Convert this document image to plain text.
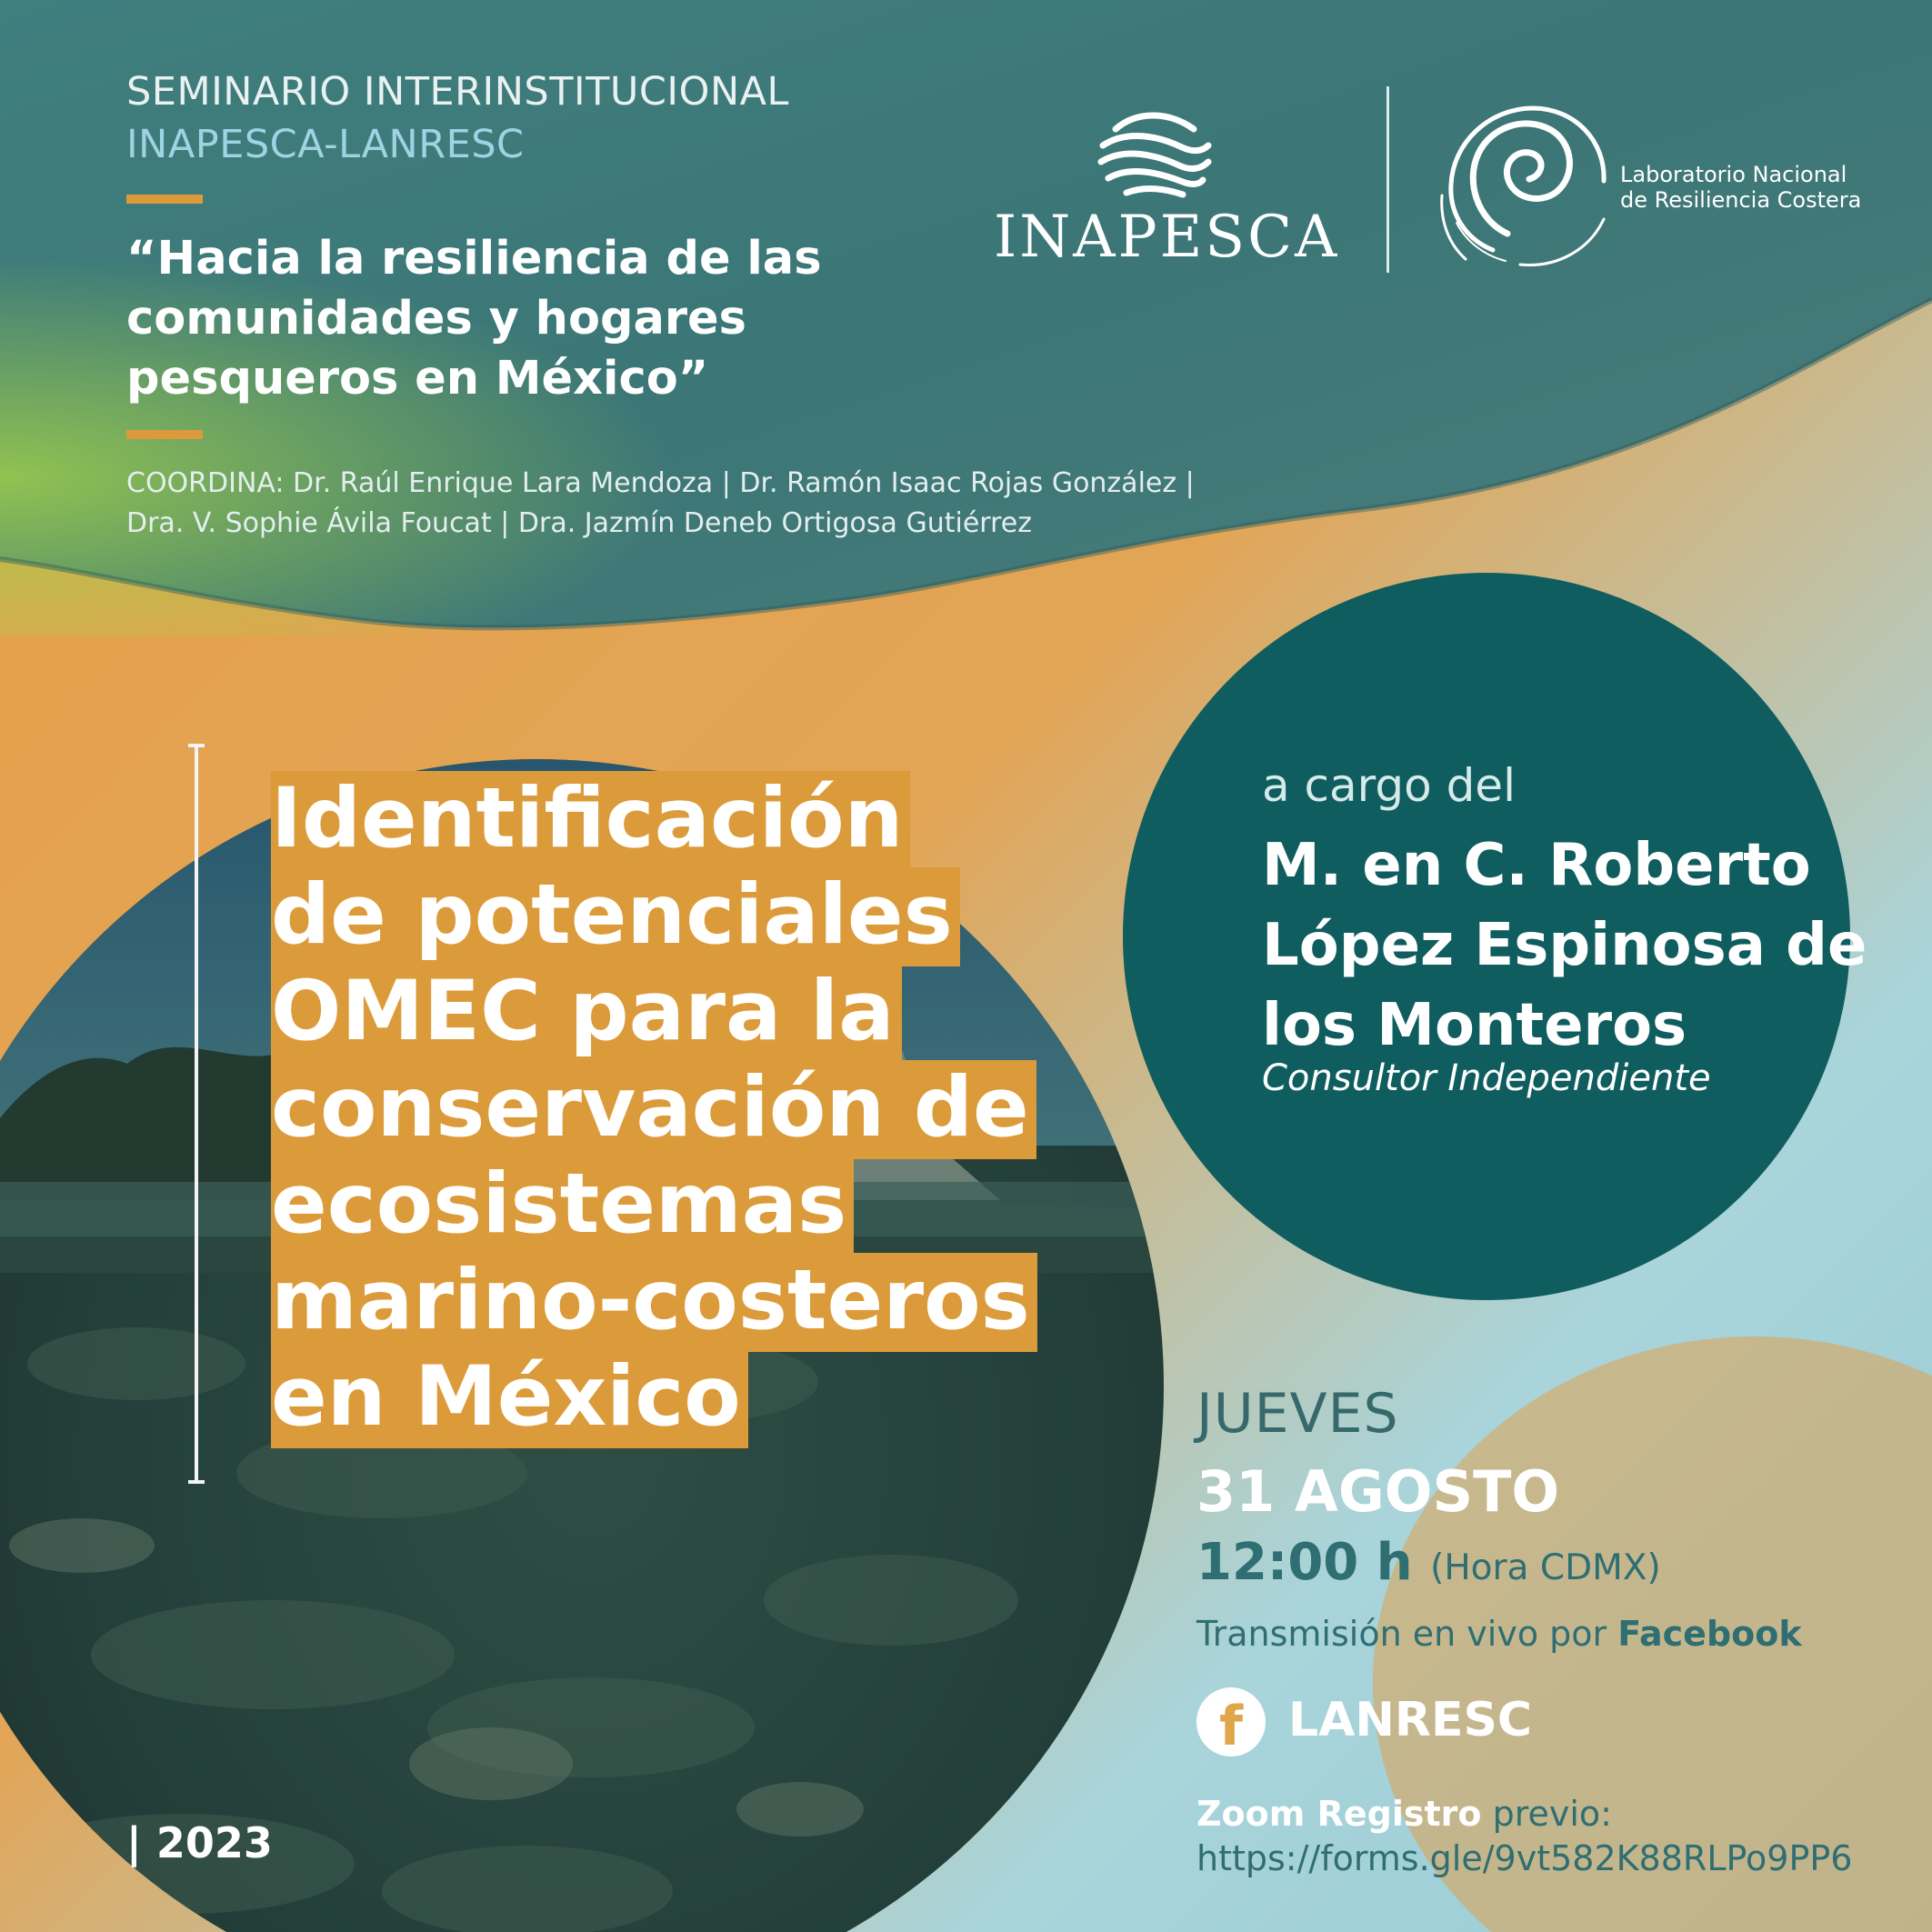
SEMINARIO INTERINSTITUCIONAL
INAPESCA-LANRESC
“Hacia la resiliencia de las comunidades y hogares pesqueros en México”
COORDINA: Dr. Raúl Enrique Lara Mendoza | Dr. Ramón Isaac Rojas González | Dra. V. Sophie Ávila Foucat | Dra. Jazmín Deneb Ortigosa Gutiérrez
INAPESCA
Laboratorio Nacional
de Resiliencia Costera
Identificación de potenciales OMEC para la conservación de ecosistemas marino-costeros en México
| 2023
a cargo del
M. en C. Roberto López Espinosa de los Monteros
Consultor Independiente
JUEVES
31 AGOSTO
12:00 h (Hora CDMX)
Transmisión en vivo por Facebook
f LANRESC
Zoom Registro previo:
https://forms.gle/9vt582K88RLPo9PP6
